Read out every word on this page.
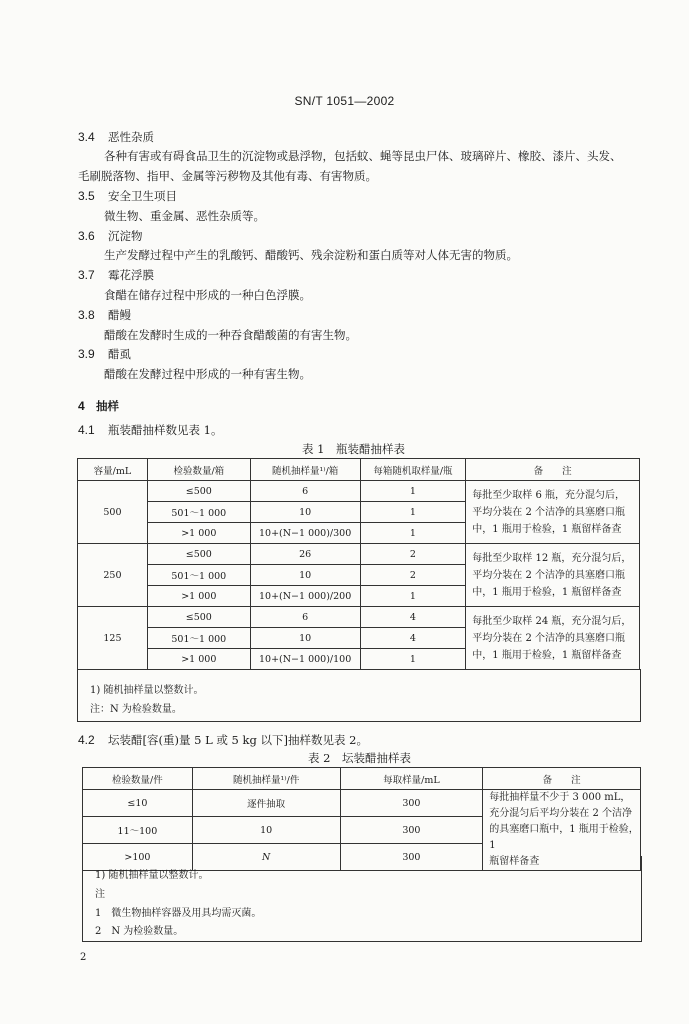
SN/T 1051—2002
3.4 恶性杂质
各种有害或有碍食品卫生的沉淀物或悬浮物，包括蚊、蝇等昆虫尸体、玻璃碎片、橡胶、漆片、头发、
毛刷脱落物、指甲、金属等污秽物及其他有毒、有害物质。
3.5 安全卫生项目
微生物、重金属、恶性杂质等。
3.6 沉淀物
生产发酵过程中产生的乳酸钙、醋酸钙、残余淀粉和蛋白质等对人体无害的物质。
3.7 霉花浮膜
食醋在储存过程中形成的一种白色浮膜。
3.8 醋鳗
醋酸在发酵时生成的一种吞食醋酸菌的有害生物。
3.9 醋虱
醋酸在发酵过程中形成的一种有害生物。
4 抽样
4.1 瓶装醋抽样数见表 1。
表 1　瓶装醋抽样表
容量/mL	检验数量/箱	随机抽样量¹⁾/箱	每箱随机取样量/瓶	备　　注
500	≤500	6	1	每批至少取样 6 瓶，充分混匀后，
平均分装在 2 个洁净的具塞磨口瓶
中，1 瓶用于检验，1 瓶留样备查
	501～1 000	10	1	
	>1 000	10+(N−1 000)/300	1	
250	≤500	26	2	每批至少取样 12 瓶，充分混匀后，
平均分装在 2 个洁净的具塞磨口瓶
中，1 瓶用于检验，1 瓶留样备查
	501～1 000	10	2	
	>1 000	10+(N−1 000)/200	1	
125	≤500	6	4	每批至少取样 24 瓶，充分混匀后，
平均分装在 2 个洁净的具塞磨口瓶
中，1 瓶用于检验，1 瓶留样备查
	501～1 000	10	4	
	>1 000	10+(N−1 000)/100	1	
1) 随机抽样量以整数计。
注：N 为检验数量。
4.2 坛装醋[容(重)量 5 L 或 5 kg 以下]抽样数见表 2。
表 2　坛装醋抽样表
检验数量/件	随机抽样量¹⁾/件	每取样量/mL	备　　注
≤10	逐件抽取	300	每批抽样量不少于 3 000 mL，
充分混匀后平均分装在 2 个洁净
的具塞磨口瓶中，1 瓶用于检验，1
瓶留样备查
11～100	10	300	
>100	N	300	
1) 随机抽样量以整数计。
注
1　微生物抽样容器及用具均需灭菌。
2　N 为检验数量。
2
